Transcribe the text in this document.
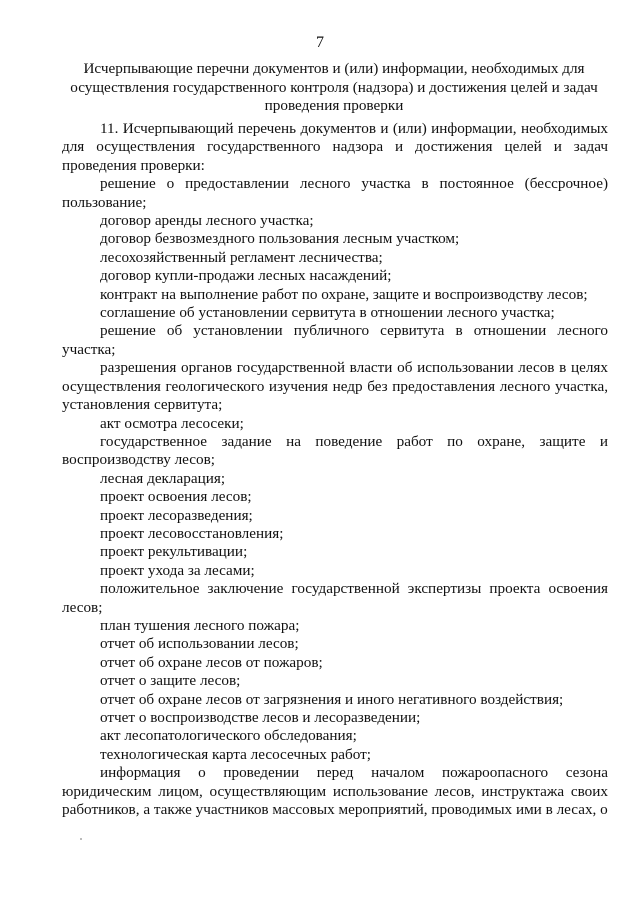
7
Исчерпывающие перечни документов и (или) информации, необходимых для осуществления государственного контроля (надзора) и достижения целей и задач проведения проверки

11. Исчерпывающий перечень документов и (или) информации, необходимых для осуществления государственного надзора и достижения целей и задач проведения проверки:

решение о предоставлении лесного участка в постоянное (бессрочное) пользование;

договор аренды лесного участка;

договор безвозмездного пользования лесным участком;

лесохозяйственный регламент лесничества;

договор купли-продажи лесных насаждений;

контракт на выполнение работ по охране, защите и воспроизводству лесов;

соглашение об установлении сервитута в отношении лесного участка;

решение об установлении публичного сервитута в отношении лесного участка;

разрешения органов государственной власти об использовании лесов в целях осуществления геологического изучения недр без предоставления лесного участка, установления сервитута;

акт осмотра лесосеки;

государственное задание на поведение работ по охране, защите и воспроизводству лесов;

лесная декларация;

проект освоения лесов;

проект лесоразведения;

проект лесовосстановления;

проект рекультивации;

проект ухода за лесами;

положительное заключение государственной экспертизы проекта освоения лесов;

план тушения лесного пожара;

отчет об использовании лесов;

отчет об охране лесов от пожаров;

отчет о защите лесов;

отчет об охране лесов от загрязнения и иного негативного воздействия;

отчет о воспроизводстве лесов и лесоразведении;

акт лесопатологического обследования;

технологическая карта лесосечных работ;

информация о проведении перед началом пожароопасного сезона юридическим лицом, осуществляющим использование лесов, инструктажа своих работников, а также участников массовых мероприятий, проводимых ими в лесах, о
